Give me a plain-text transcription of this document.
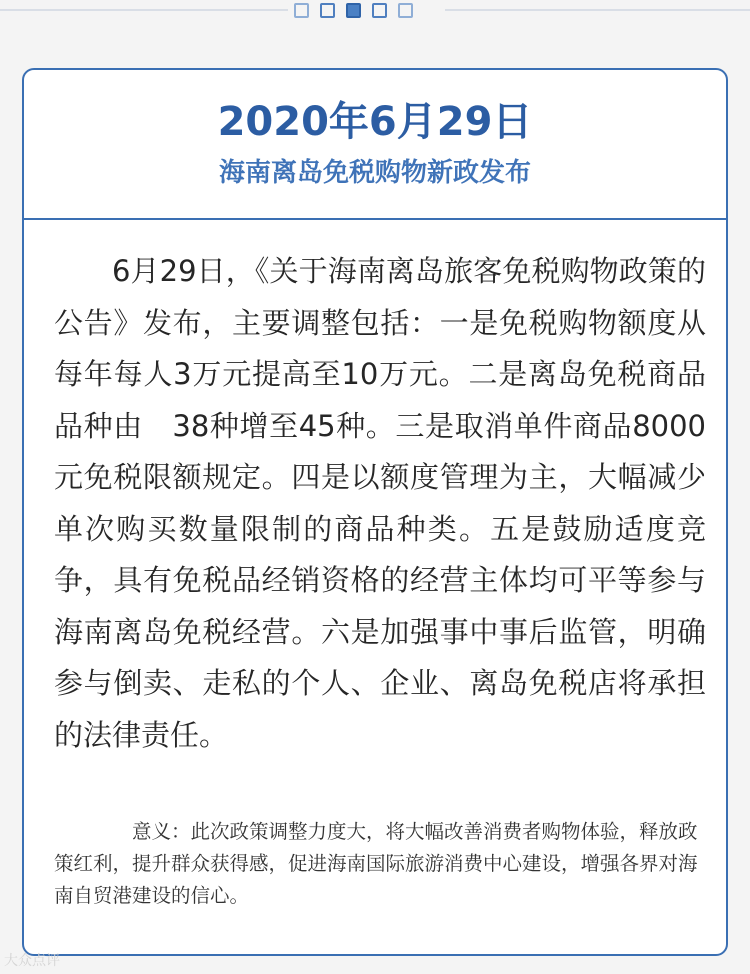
2020年6月29日
海南离岛免税购物新政发布

6月29日，《关于海南离岛旅客免税购物政策的公告》发布，主要调整包括：一是免税购物额度从每年每人3万元提高至10万元。二是离岛免税商品品种由　38种增至45种。三是取消单件商品8000元免税限额规定。四是以额度管理为主，大幅减少单次购买数量限制的商品种类。五是鼓励适度竞争，具有免税品经销资格的经营主体均可平等参与海南离岛免税经营。六是加强事中事后监管，明确参与倒卖、走私的个人、企业、离岛免税店将承担的法律责任。

意义：此次政策调整力度大，将大幅改善消费者购物体验，释放政策红利，提升群众获得感，促进海南国际旅游消费中心建设，增强各界对海南自贸港建设的信心。

大众点评
